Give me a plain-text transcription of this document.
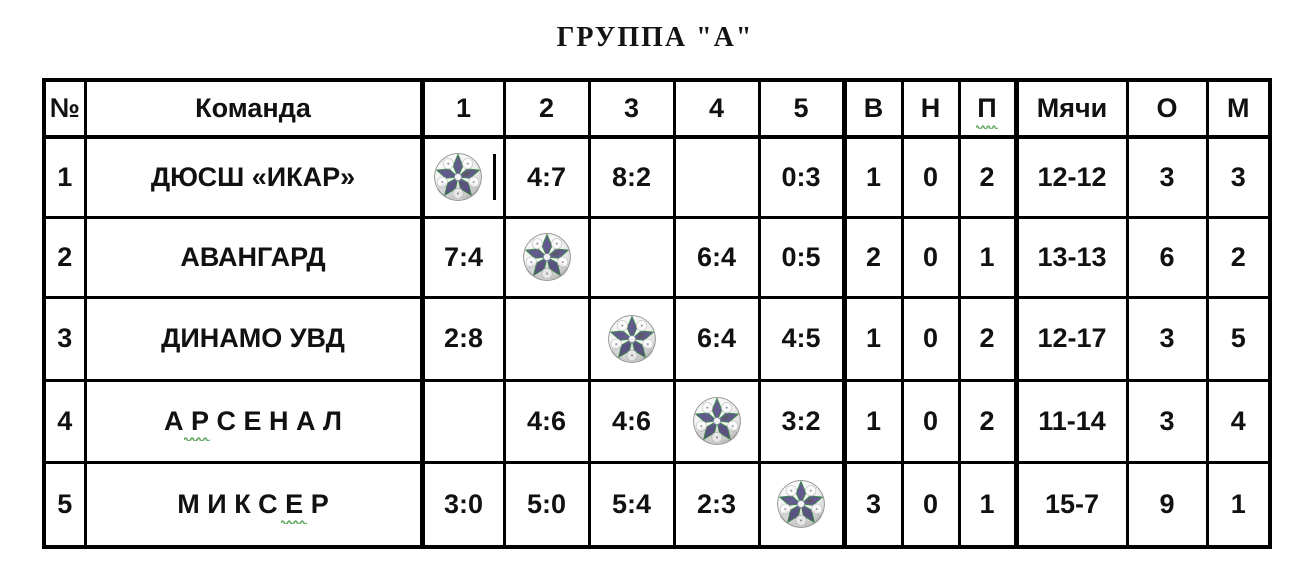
ГРУППА "А"
№	Команда	1	2	3	4	5	В	Н	П	Мячи	О	М
1	ДЮСШ «ИКАР»		4:7	8:2		0:3	1	0	2	12-12	3	3
2	АВАНГАРД	7:4			6:4	0:5	2	0	1	13-13	6	2
3	ДИНАМО УВД	2:8			6:4	4:5	1	0	2	12-17	3	5
4	А Р С Е Н А Л		4:6	4:6		3:2	1	0	2	11-14	3	4
5	М И К С Е Р	3:0	5:0	5:4	2:3		3	0	1	15-7	9	1
